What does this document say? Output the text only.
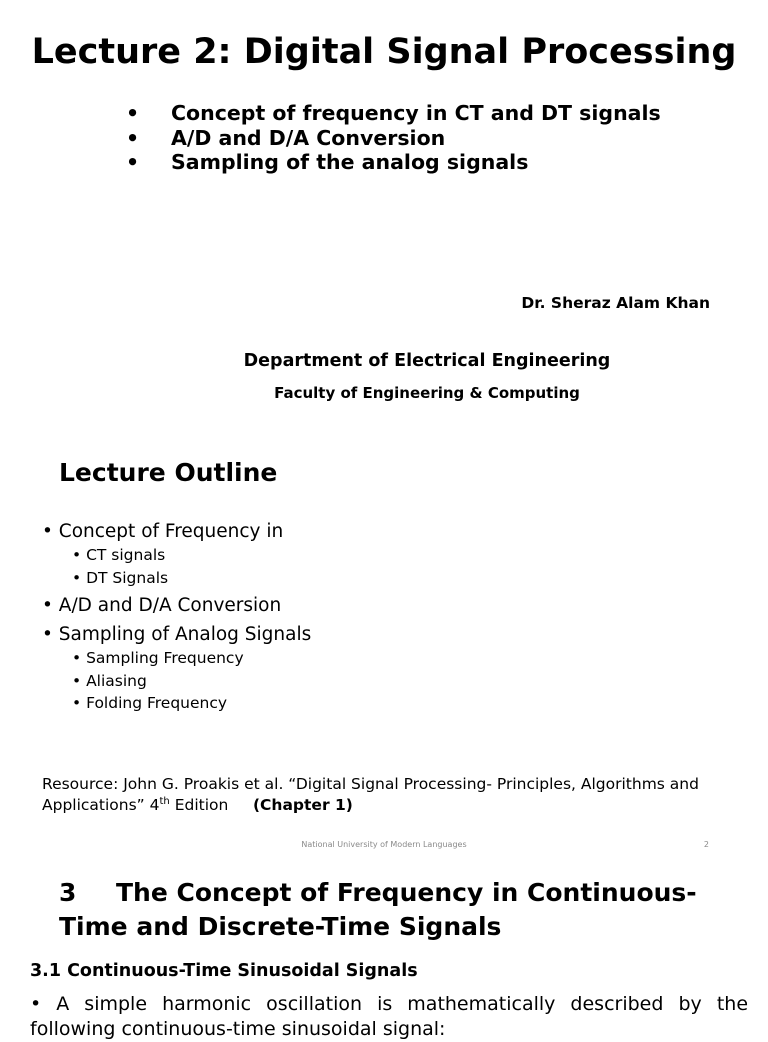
Lecture 2: Digital Signal Processing
•	Concept of frequency in CT and DT signals
•	A/D and D/A Conversion
•	Sampling of the analog signals
Dr. Sheraz Alam Khan
Department of Electrical Engineering
Faculty of Engineering & Computing
Lecture Outline
• Concept of Frequency in
• CT signals
• DT Signals
• A/D and D/A Conversion
• Sampling of Analog Signals
• Sampling Frequency
• Aliasing
• Folding Frequency
Resource: John G. Proakis et al. “Digital Signal Processing- Principles, Algorithms and Applications” 4th Edition (Chapter 1)
National University of Modern Languages	2
3 The Concept of Frequency in Continuous-
Time and Discrete-Time Signals
3.1 Continuous-Time Sinusoidal Signals
• A simple harmonic oscillation is mathematically described by the following continuous-time sinusoidal signal:
